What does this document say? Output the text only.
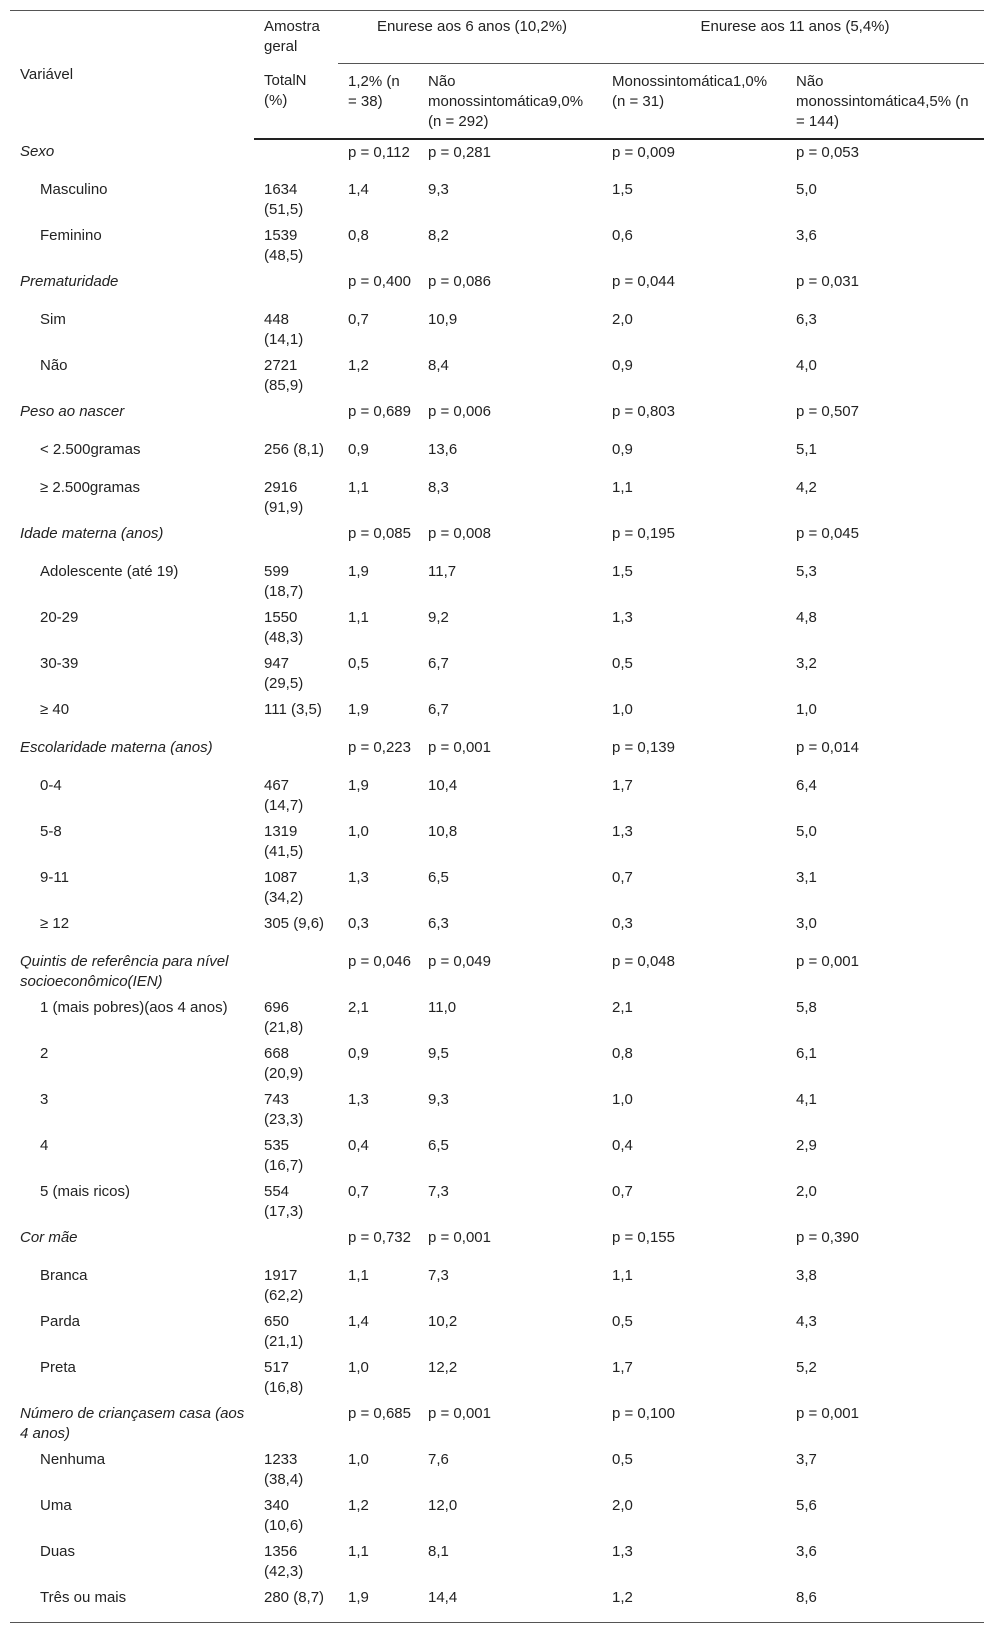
Variável	Amostra geral	Enurese aos 6 anos (10,2%)		Enurese aos 11 anos (5,4%)	
	TotalN (%)	1,2% (n = 38)	Não monossintomática9,0% (n = 292)	Monossintomática1,0% (n = 31)	Não monossintomática4,5% (n = 144)
Sexo		p = 0,112	p = 0,281	p = 0,009	p = 0,053
Masculino	1634 (51,5)	1,4	9,3	1,5	5,0
Feminino	1539 (48,5)	0,8	8,2	0,6	3,6
Prematuridade		p = 0,400	p = 0,086	p = 0,044	p = 0,031
Sim	448 (14,1)	0,7	10,9	2,0	6,3
Não	2721 (85,9)	1,2	8,4	0,9	4,0
Peso ao nascer		p = 0,689	p = 0,006	p = 0,803	p = 0,507
< 2.500gramas	256 (8,1)	0,9	13,6	0,9	5,1
≥ 2.500gramas	2916 (91,9)	1,1	8,3	1,1	4,2
Idade materna (anos)		p = 0,085	p = 0,008	p = 0,195	p = 0,045
Adolescente (até 19)	599 (18,7)	1,9	11,7	1,5	5,3
20-29	1550 (48,3)	1,1	9,2	1,3	4,8
30-39	947 (29,5)	0,5	6,7	0,5	3,2
≥ 40	111 (3,5)	1,9	6,7	1,0	1,0
Escolaridade materna (anos)		p = 0,223	p = 0,001	p = 0,139	p = 0,014
0-4	467 (14,7)	1,9	10,4	1,7	6,4
5-8	1319 (41,5)	1,0	10,8	1,3	5,0
9-11	1087 (34,2)	1,3	6,5	0,7	3,1
≥ 12	305 (9,6)	0,3	6,3	0,3	3,0
Quintis de referência para nível socioeconômico(IEN)		p = 0,046	p = 0,049	p = 0,048	p = 0,001
1 (mais pobres)(aos 4 anos)	696 (21,8)	2,1	11,0	2,1	5,8
2	668 (20,9)	0,9	9,5	0,8	6,1
3	743 (23,3)	1,3	9,3	1,0	4,1
4	535 (16,7)	0,4	6,5	0,4	2,9
5 (mais ricos)	554 (17,3)	0,7	7,3	0,7	2,0
Cor mãe		p = 0,732	p = 0,001	p = 0,155	p = 0,390
Branca	1917 (62,2)	1,1	7,3	1,1	3,8
Parda	650 (21,1)	1,4	10,2	0,5	4,3
Preta	517 (16,8)	1,0	12,2	1,7	5,2
Número de criançasem casa (aos 4 anos)		p = 0,685	p = 0,001	p = 0,100	p = 0,001
Nenhuma	1233 (38,4)	1,0	7,6	0,5	3,7
Uma	340 (10,6)	1,2	12,0	2,0	5,6
Duas	1356 (42,3)	1,1	8,1	1,3	3,6
Três ou mais	280 (8,7)	1,9	14,4	1,2	8,6
